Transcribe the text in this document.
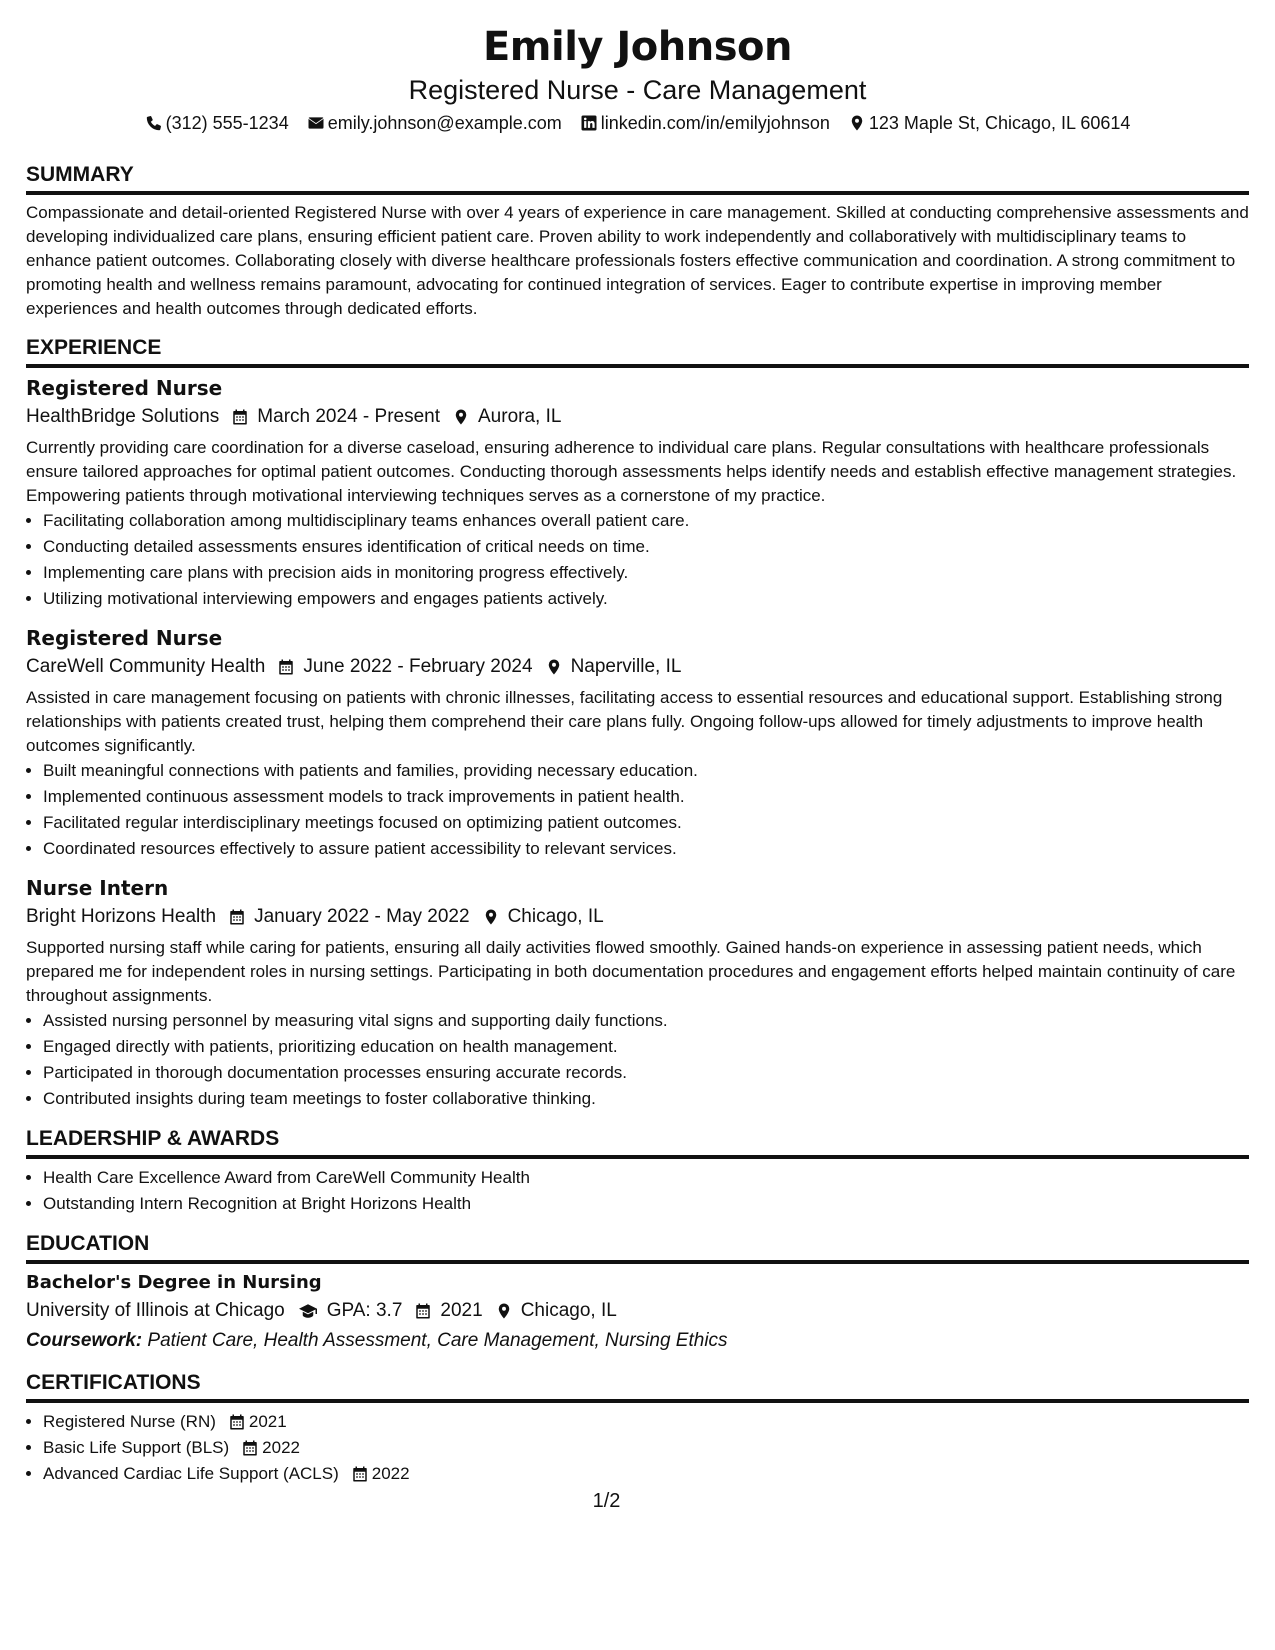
Emily Johnson
Registered Nurse - Care Management
(312) 555-1234 emily.johnson@example.com linkedin.com/in/emilyjohnson 123 Maple St, Chicago, IL 60614
SUMMARY

Compassionate and detail-oriented Registered Nurse with over 4 years of experience in care management. Skilled at conducting comprehensive assessments and developing individualized care plans, ensuring efficient patient care. Proven ability to work independently and collaboratively with multidisciplinary teams to enhance patient outcomes. Collaborating closely with diverse healthcare professionals fosters effective communication and coordination. A strong commitment to promoting health and wellness remains paramount, advocating for continued integration of services. Eager to contribute expertise in improving member experiences and health outcomes through dedicated efforts.

EXPERIENCE
Registered Nurse
HealthBridge Solutions March 2024 - Present Aurora, IL

Currently providing care coordination for a diverse caseload, ensuring adherence to individual care plans. Regular consultations with healthcare professionals ensure tailored approaches for optimal patient outcomes. Conducting thorough assessments helps identify needs and establish effective management strategies. Empowering patients through motivational interviewing techniques serves as a cornerstone of my practice.

• Facilitating collaboration among multidisciplinary teams enhances overall patient care.
• Conducting detailed assessments ensures identification of critical needs on time.
• Implementing care plans with precision aids in monitoring progress effectively.
• Utilizing motivational interviewing empowers and engages patients actively.
Registered Nurse
CareWell Community Health June 2022 - February 2024 Naperville, IL

Assisted in care management focusing on patients with chronic illnesses, facilitating access to essential resources and educational support. Establishing strong relationships with patients created trust, helping them comprehend their care plans fully. Ongoing follow-ups allowed for timely adjustments to improve health outcomes significantly.

• Built meaningful connections with patients and families, providing necessary education.
• Implemented continuous assessment models to track improvements in patient health.
• Facilitated regular interdisciplinary meetings focused on optimizing patient outcomes.
• Coordinated resources effectively to assure patient accessibility to relevant services.
Nurse Intern
Bright Horizons Health January 2022 - May 2022 Chicago, IL

Supported nursing staff while caring for patients, ensuring all daily activities flowed smoothly. Gained hands-on experience in assessing patient needs, which prepared me for independent roles in nursing settings. Participating in both documentation procedures and engagement efforts helped maintain continuity of care throughout assignments.

• Assisted nursing personnel by measuring vital signs and supporting daily functions.
• Engaged directly with patients, prioritizing education on health management.
• Participated in thorough documentation processes ensuring accurate records.
• Contributed insights during team meetings to foster collaborative thinking.
LEADERSHIP & AWARDS
• Health Care Excellence Award from CareWell Community Health
• Outstanding Intern Recognition at Bright Horizons Health
EDUCATION
Bachelor's Degree in Nursing
University of Illinois at Chicago GPA: 3.7 2021 Chicago, IL
Coursework: Patient Care, Health Assessment, Care Management, Nursing Ethics
CERTIFICATIONS
• Registered Nurse (RN) 2021
• Basic Life Support (BLS) 2022
• Advanced Cardiac Life Support (ACLS) 2022
1/2
